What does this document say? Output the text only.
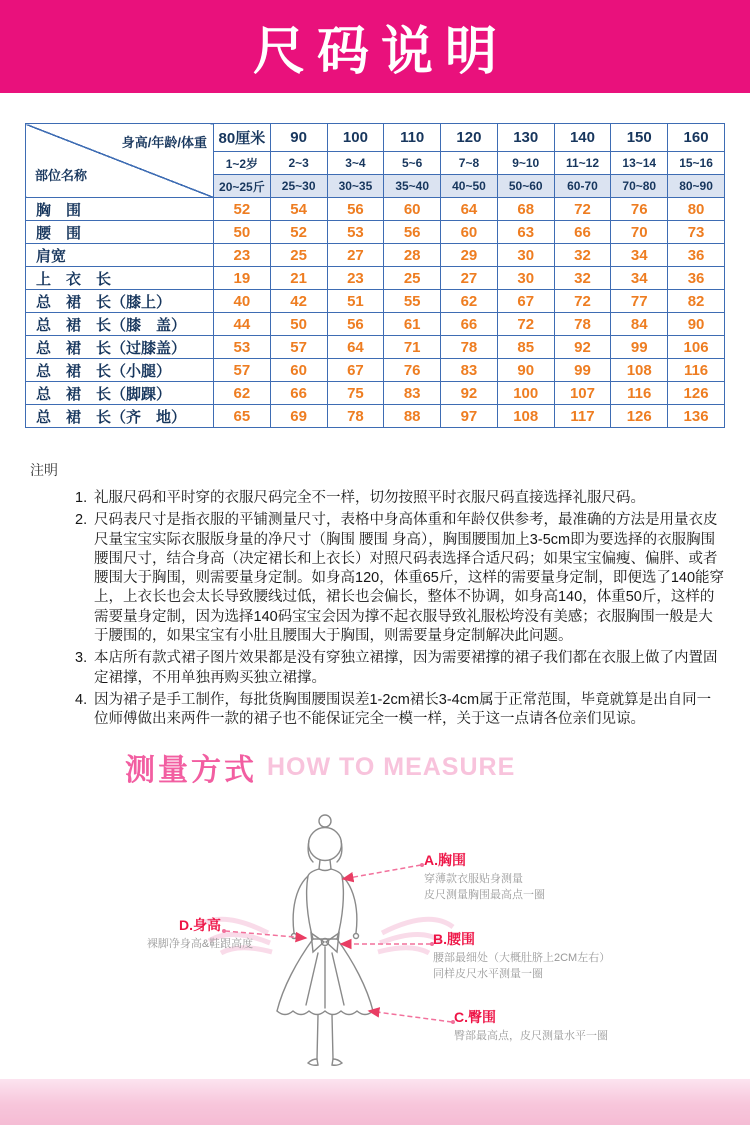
尺码说明
身高/年龄/体重
部位名称	80厘米	90	100	110	120	130	140	150	160
	1~2岁	2~3	3~4	5~6	7~8	9~10	11~12	13~14	15~16
	20~25斤	25~30	30~35	35~40	40~50	50~60	60-70	70~80	80~90
胸　围	52	54	56	60	64	68	72	76	80
腰　围	50	52	53	56	60	63	66	70	73
肩宽	23	25	27	28	29	30	32	34	36
上　衣　长	19	21	23	25	27	30	32	34	36
总　裙　长（膝上）	40	42	51	55	62	67	72	77	82
总　裙　长（膝　盖）	44	50	56	61	66	72	78	84	90
总　裙　长（过膝盖）	53	57	64	71	78	85	92	99	106
总　裙　长（小腿）	57	60	67	76	83	90	99	108	116
总　裙　长（脚踝）	62	66	75	83	92	100	107	116	126
总　裙　长（齐　地）	65	69	78	88	97	108	117	126	136
注明
1. 礼服尺码和平时穿的衣服尺码完全不一样，切勿按照平时衣服尺码直接选择礼服尺码。
2. 尺码表尺寸是指衣服的平铺测量尺寸，表格中身高体重和年龄仅供参考，最准确的方法是用量衣皮尺量宝宝实际衣服版身量的净尺寸（胸围 腰围 身高），胸围腰围加上3-5cm即为要选择的衣服胸围腰围尺寸，结合身高（决定裙长和上衣长）对照尺码表选择合适尺码；如果宝宝偏瘦、偏胖、或者腰围大于胸围，则需要量身定制。如身高120，体重65斤，这样的需要量身定制，即便选了140能穿上，上衣长也会太长导致腰线过低，裙长也会偏长，整体不协调，如身高140，体重50斤，这样的需要量身定制，因为选择140码宝宝会因为撑不起衣服导致礼服松垮没有美感；衣服胸围一般是大于腰围的，如果宝宝有小肚且腰围大于胸围，则需要量身定制解决此问题。
3. 本店所有款式裙子图片效果都是没有穿独立裙撑，因为需要裙撑的裙子我们都在衣服上做了内置固定裙撑，不用单独再购买独立裙撑。
4. 因为裙子是手工制作，每批货胸围腰围误差1-2cm裙长3-4cm属于正常范围，毕竟就算是出自同一位师傅做出来两件一款的裙子也不能保证完全一模一样，关于这一点请各位亲们见谅。
测量方式 HOW TO MEASURE
A.胸围
穿薄款衣服贴身测量
皮尺测量胸围最高点一圈
B.腰围
腰部最细处（大概肚脐上2CM左右）
同样皮尺水平测量一圈
C.臀围
臀部最高点，皮尺测量水平一圈
D.身高
裸脚净身高&鞋跟高度
